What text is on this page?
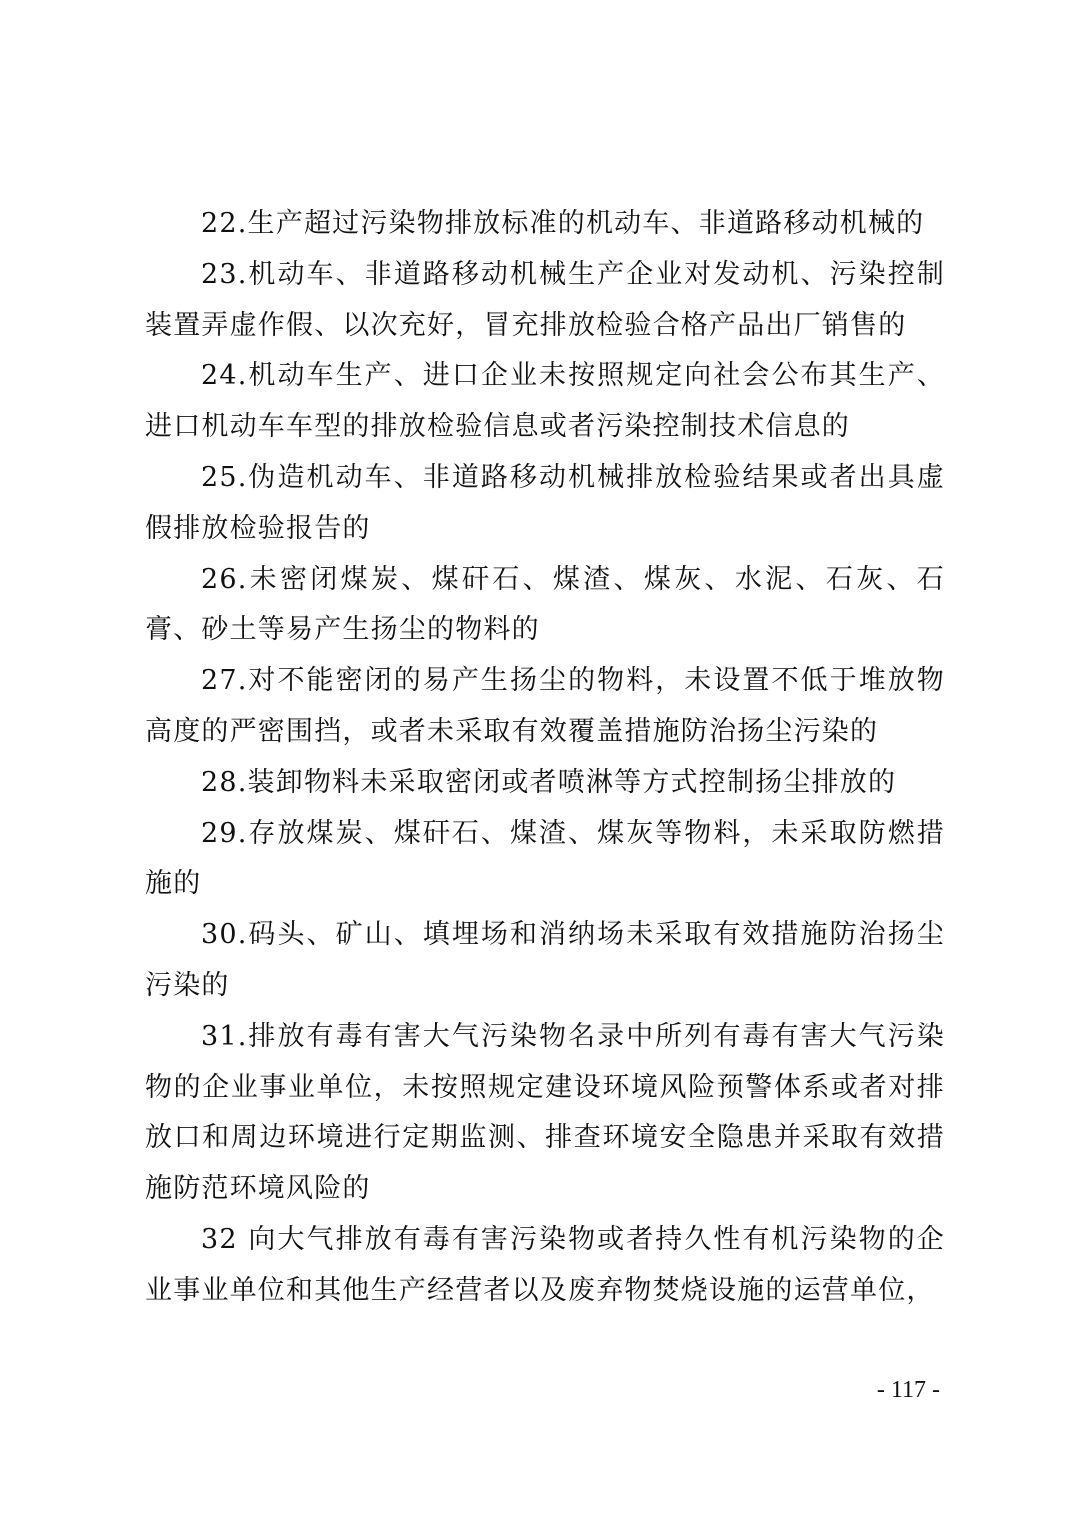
22.生产超过污染物排放标准的机动车、非道路移动机械的

23.机动车、非道路移动机械生产企业对发动机、污染控制装置弄虚作假、以次充好，冒充排放检验合格产品出厂销售的

24.机动车生产、进口企业未按照规定向社会公布其生产、进口机动车车型的排放检验信息或者污染控制技术信息的

25.伪造机动车、非道路移动机械排放检验结果或者出具虚假排放检验报告的

26.未密闭煤炭、煤矸石、煤渣、煤灰、水泥、石灰、石膏、砂土等易产生扬尘的物料的

27.对不能密闭的易产生扬尘的物料，未设置不低于堆放物高度的严密围挡，或者未采取有效覆盖措施防治扬尘污染的

28.装卸物料未采取密闭或者喷淋等方式控制扬尘排放的

29.存放煤炭、煤矸石、煤渣、煤灰等物料，未采取防燃措施的

30.码头、矿山、填埋场和消纳场未采取有效措施防治扬尘污染的

31.排放有毒有害大气污染物名录中所列有毒有害大气污染物的企业事业单位，未按照规定建设环境风险预警体系或者对排放口和周边环境进行定期监测、排查环境安全隐患并采取有效措施防范环境风险的

32 向大气排放有毒有害污染物或者持久性有机污染物的企业事业单位和其他生产经营者以及废弃物焚烧设施的运营单位，

- 117 -
